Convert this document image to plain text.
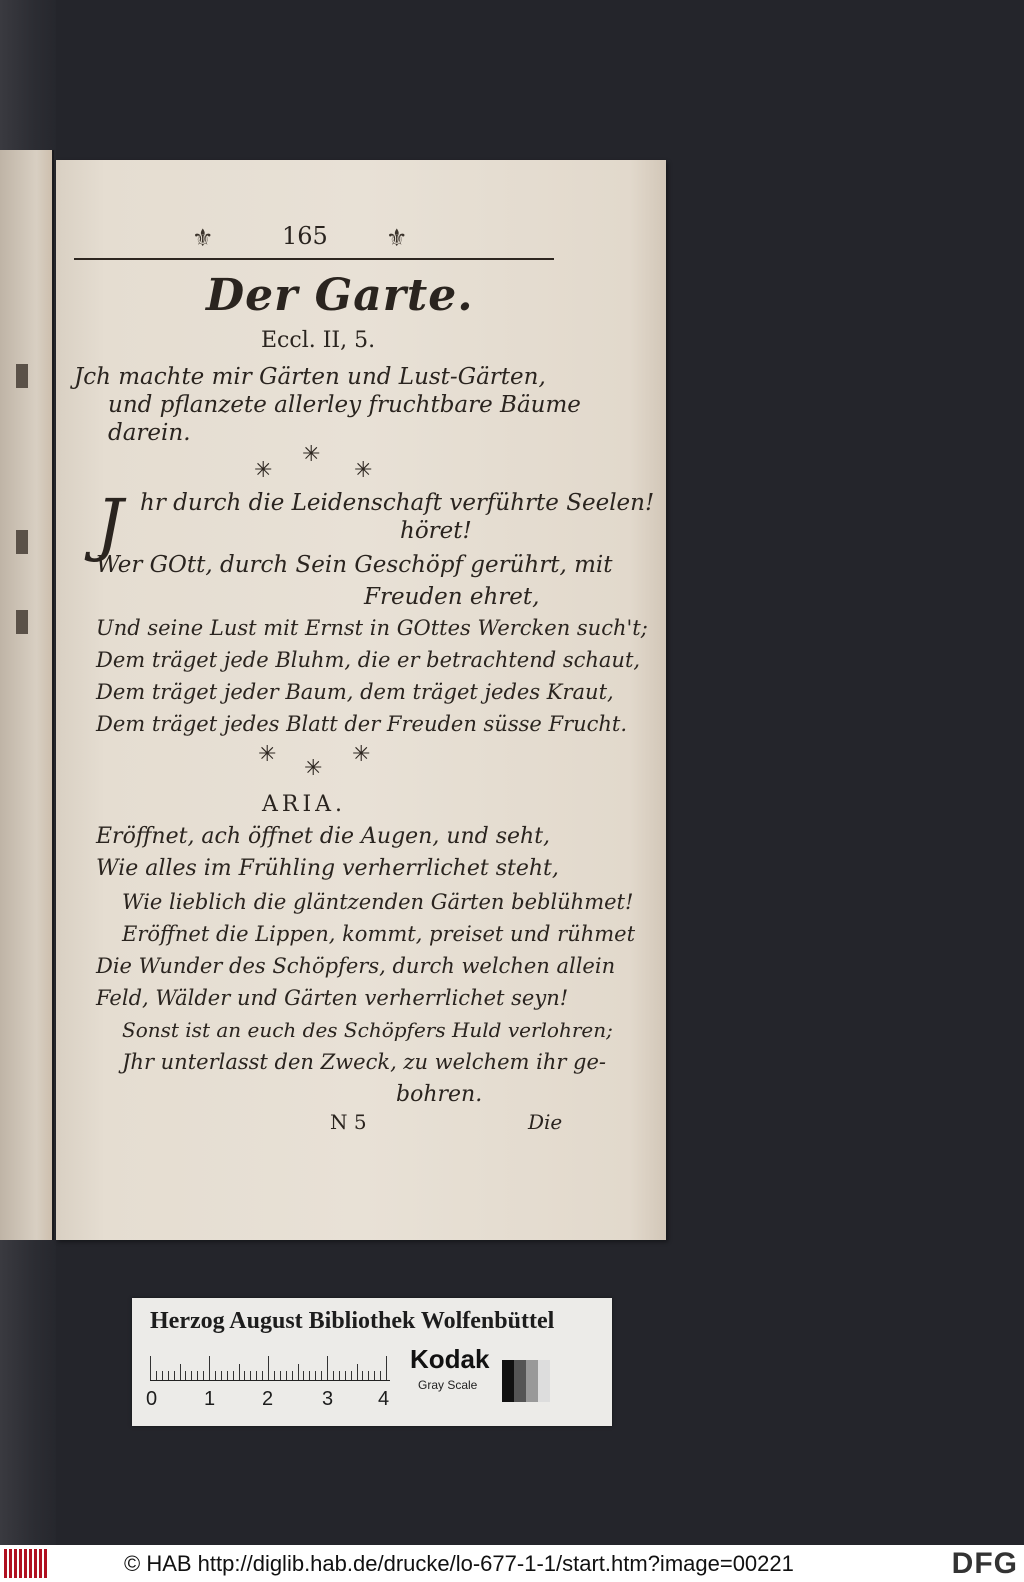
⚜	165 ⚜
Der Garte.
Eccl. II, 5.
Jch machte mir Gärten und Lust-Gärten,
und pflanzete allerley fruchtbare Bäume
darein.
✳
✳	✳
J hr durch die Leidenschaft verführte Seelen!
höret!
Wer GOtt, durch Sein Geschöpf gerührt, mit
Freuden ehret,
Und seine Lust mit Ernst in GOttes Wercken such't;
Dem träget jede Bluhm, die er betrachtend schaut,
Dem träget jeder Baum, dem träget jedes Kraut,
Dem träget jedes Blatt der Freuden süsse Frucht.
✳	✳
✳
ARIA.
Eröffnet, ach öffnet die Augen, und seht,
Wie alles im Frühling verherrlichet steht,
Wie lieblich die gläntzenden Gärten beblühmet!
Eröffnet die Lippen, kommt, preiset und rühmet
Die Wunder des Schöpfers, durch welchen allein
Feld, Wälder und Gärten verherrlichet seyn!
Sonst ist an euch des Schöpfers Huld verlohren;
Jhr unterlasst den Zweck, zu welchem ihr ge-
bohren.
N 5	Die
Herzog August Bibliothek Wolfenbüttel
0 1 2 3 4
Kodak
Gray Scale
© HAB http://diglib.hab.de/drucke/lo-677-1-1/start.htm?image=00221	DFG
